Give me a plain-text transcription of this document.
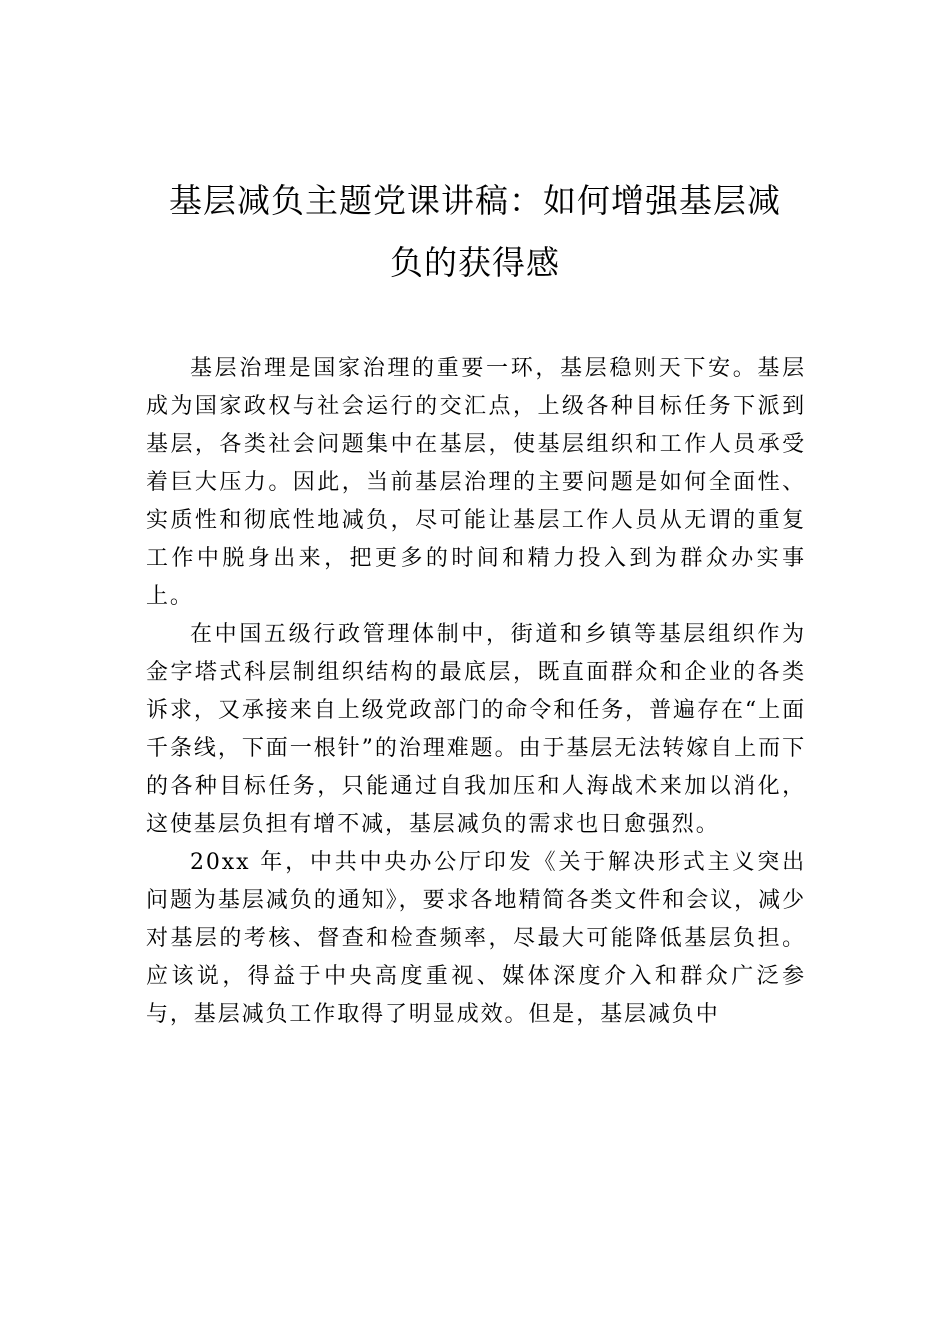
基层减负主题党课讲稿：如何增强基层减
负的获得感

基层治理是国家治理的重要一环，基层稳则天下安。基层成为国家政权与社会运行的交汇点，上级各种目标任务下派到基层，各类社会问题集中在基层，使基层组织和工作人员承受着巨大压力。因此，当前基层治理的主要问题是如何全面性、实质性和彻底性地减负，尽可能让基层工作人员从无谓的重复工作中脱身出来，把更多的时间和精力投入到为群众办实事上。

在中国五级行政管理体制中，街道和乡镇等基层组织作为金字塔式科层制组织结构的最底层，既直面群众和企业的各类诉求，又承接来自上级党政部门的命令和任务，普遍存在“上面千条线，下面一根针”的治理难题。由于基层无法转嫁自上而下的各种目标任务，只能通过自我加压和人海战术来加以消化，这使基层负担有增不减，基层减负的需求也日愈强烈。

20xx 年，中共中央办公厅印发《关于解决形式主义突出问题为基层减负的通知》，要求各地精简各类文件和会议，减少对基层的考核、督查和检查频率，尽最大可能降低基层负担。应该说，得益于中央高度重视、媒体深度介入和群众广泛参与，基层减负工作取得了明显成效。但是，基层减负中
